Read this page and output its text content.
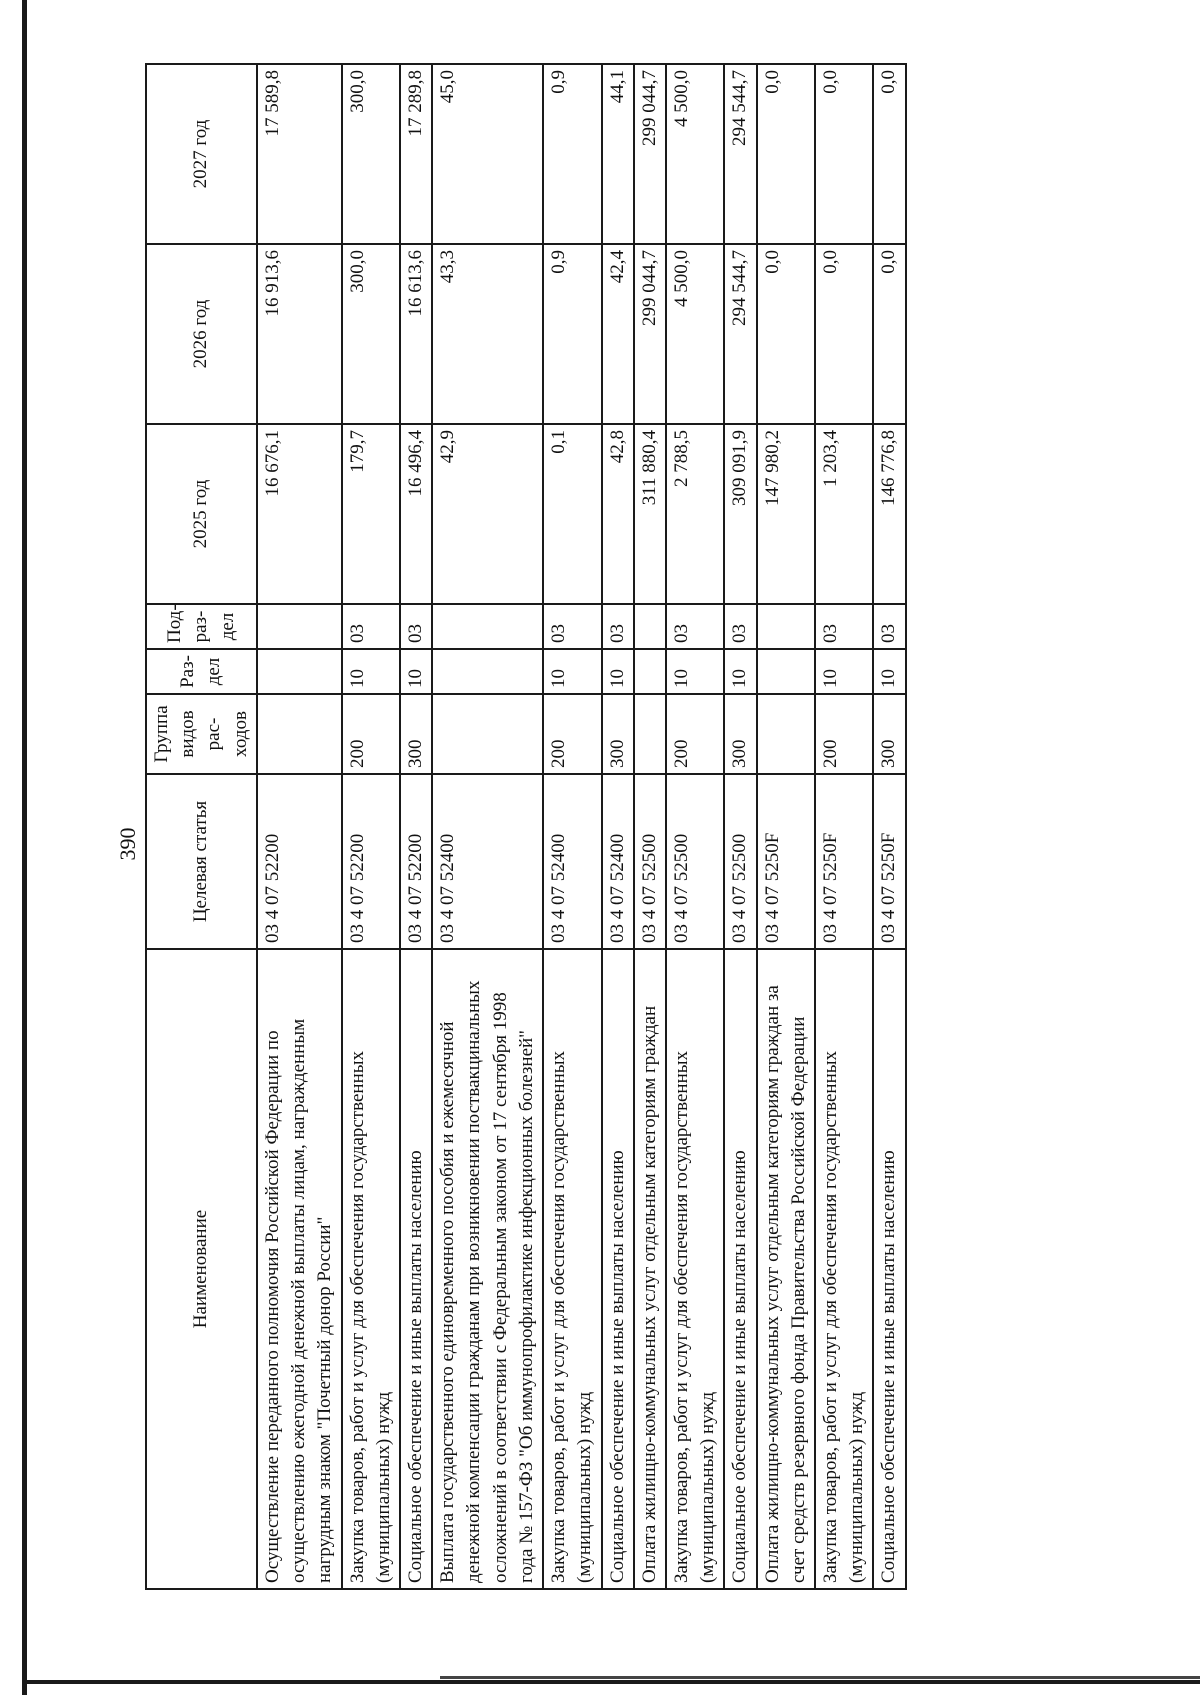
390
Наименование	Целевая статья	Группа видов рас-ходов	Раз-дел	Под-раз-дел	2025 год	2026 год	2027 год
Осуществление переданного полномочия Российской Федерации по осуществлению ежегодной денежной выплаты лицам, награжденным нагрудным знаком "Почетный донор России"	03 4 07 52200				16 676,1	16 913,6	17 589,8
Закупка товаров, работ и услуг для обеспечения государственных (муниципальных) нужд	03 4 07 52200	200	10	03	179,7	300,0	300,0
Социальное обеспечение и иные выплаты населению	03 4 07 52200	300	10	03	16 496,4	16 613,6	17 289,8
Выплата государственного единовременного пособия и ежемесячной денежной компенсации гражданам при возникновении поствакцинальных осложнений в соответствии с Федеральным законом от 17 сентября 1998 года № 157-ФЗ "Об иммунопрофилактике инфекционных болезней"	03 4 07 52400				42,9	43,3	45,0
Закупка товаров, работ и услуг для обеспечения государственных (муниципальных) нужд	03 4 07 52400	200	10	03	0,1	0,9	0,9
Социальное обеспечение и иные выплаты населению	03 4 07 52400	300	10	03	42,8	42,4	44,1
Оплата жилищно-коммунальных услуг отдельным категориям граждан	03 4 07 52500				311 880,4	299 044,7	299 044,7
Закупка товаров, работ и услуг для обеспечения государственных (муниципальных) нужд	03 4 07 52500	200	10	03	2 788,5	4 500,0	4 500,0
Социальное обеспечение и иные выплаты населению	03 4 07 52500	300	10	03	309 091,9	294 544,7	294 544,7
Оплата жилищно-коммунальных услуг отдельным категориям граждан за счет средств резервного фонда Правительства Российской Федерации	03 4 07 5250F				147 980,2	0,0	0,0
Закупка товаров, работ и услуг для обеспечения государственных (муниципальных) нужд	03 4 07 5250F	200	10	03	1 203,4	0,0	0,0
Социальное обеспечение и иные выплаты населению	03 4 07 5250F	300	10	03	146 776,8	0,0	0,0
